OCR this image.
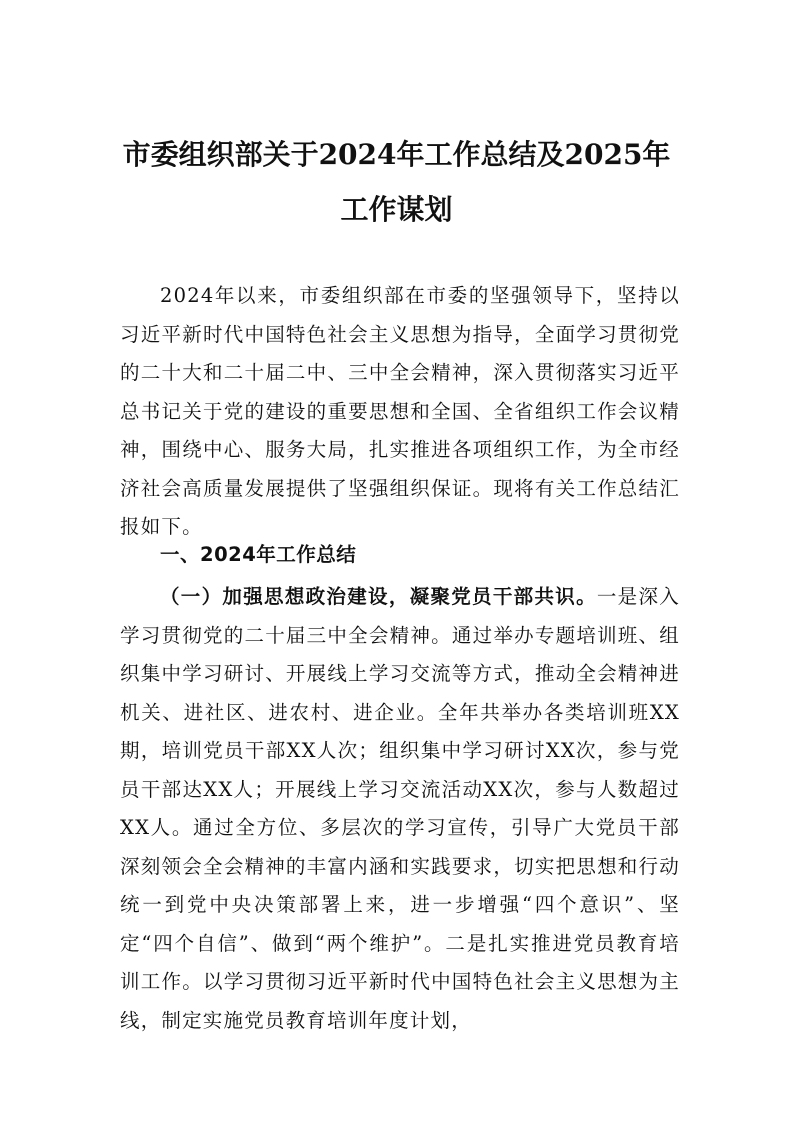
市委组织部关于2024年工作总结及2025年
工作谋划
2024年以来，市委组织部在市委的坚强领导下，坚持以习近平新时代中国特色社会主义思想为指导，全面学习贯彻党的二十大和二十届二中、三中全会精神，深入贯彻落实习近平总书记关于党的建设的重要思想和全国、全省组织工作会议精神，围绕中心、服务大局，扎实推进各项组织工作，为全市经济社会高质量发展提供了坚强组织保证。现将有关工作总结汇报如下。
一、2024年工作总结
（一）加强思想政治建设，凝聚党员干部共识。一是深入学习贯彻党的二十届三中全会精神。通过举办专题培训班、组织集中学习研讨、开展线上学习交流等方式，推动全会精神进机关、进社区、进农村、进企业。全年共举办各类培训班XX期，培训党员干部XX人次；组织集中学习研讨XX次，参与党员干部达XX人；开展线上学习交流活动XX次，参与人数超过XX人。通过全方位、多层次的学习宣传，引导广大党员干部深刻领会全会精神的丰富内涵和实践要求，切实把思想和行动统一到党中央决策部署上来，进一步增强“四个意识”、坚定“四个自信”、做到“两个维护”。二是扎实推进党员教育培训工作。以学习贯彻习近平新时代中国特色社会主义思想为主线，制定实施党员教育培训年度计划，
